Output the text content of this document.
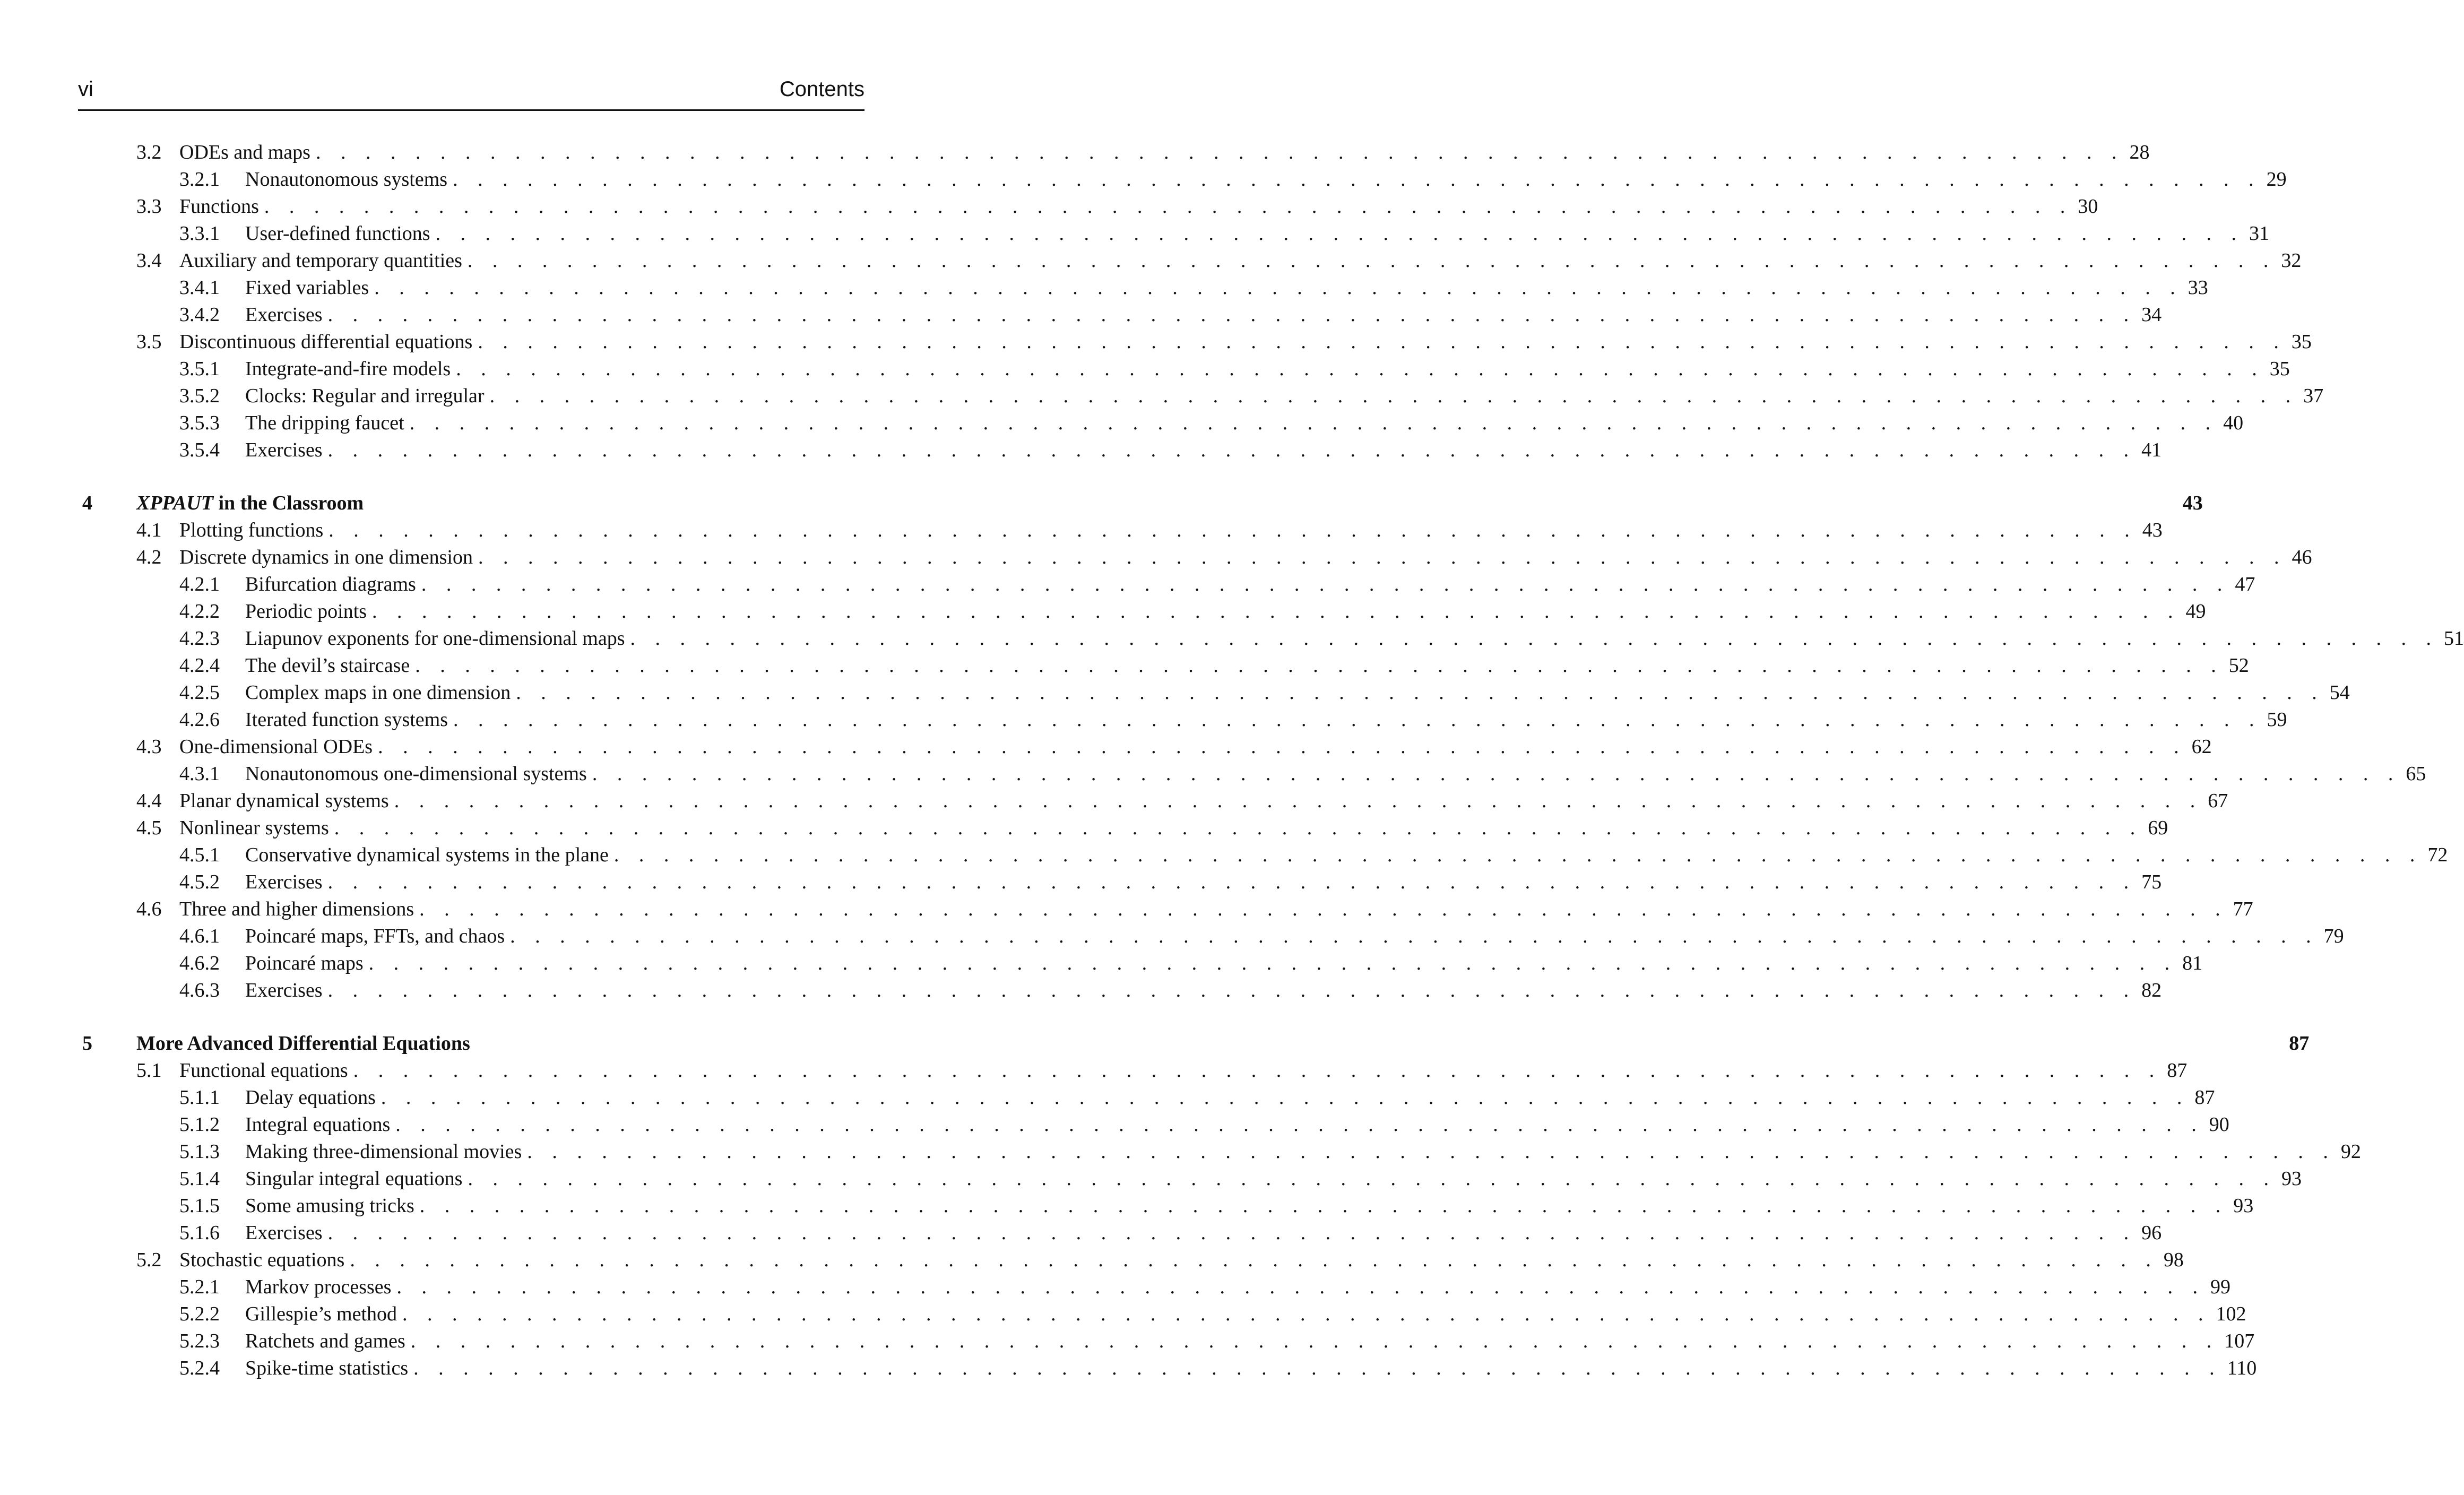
vi	Contents
3.2 ODEs and maps . . . . . . . . . . . . . . . . . . . . . . . . . . . . . . . . . . . . . . . . . . . . . . . . . . . . . . . . . . . . . . . . . . . . . . . . . 28
3.2.1 Nonautonomous systems . . . . . . . . . . . . . . . . . . . . . . . . . . . . . . . . . . . . . . . . . . . . . . . . . . . . . . . . . . . . . . . . . . . . . . . . . 29
3.3 Functions . . . . . . . . . . . . . . . . . . . . . . . . . . . . . . . . . . . . . . . . . . . . . . . . . . . . . . . . . . . . . . . . . . . . . . . . . 30
3.3.1 User-defined functions . . . . . . . . . . . . . . . . . . . . . . . . . . . . . . . . . . . . . . . . . . . . . . . . . . . . . . . . . . . . . . . . . . . . . . . . . 31
3.4 Auxiliary and temporary quantities . . . . . . . . . . . . . . . . . . . . . . . . . . . . . . . . . . . . . . . . . . . . . . . . . . . . . . . . . . . . . . . . . . . . . . . . . 32
3.4.1 Fixed variables . . . . . . . . . . . . . . . . . . . . . . . . . . . . . . . . . . . . . . . . . . . . . . . . . . . . . . . . . . . . . . . . . . . . . . . . . 33
3.4.2 Exercises . . . . . . . . . . . . . . . . . . . . . . . . . . . . . . . . . . . . . . . . . . . . . . . . . . . . . . . . . . . . . . . . . . . . . . . . . 34
3.5 Discontinuous differential equations . . . . . . . . . . . . . . . . . . . . . . . . . . . . . . . . . . . . . . . . . . . . . . . . . . . . . . . . . . . . . . . . . . . . . . . . . 35
3.5.1 Integrate-and-fire models . . . . . . . . . . . . . . . . . . . . . . . . . . . . . . . . . . . . . . . . . . . . . . . . . . . . . . . . . . . . . . . . . . . . . . . . . 35
3.5.2 Clocks: Regular and irregular . . . . . . . . . . . . . . . . . . . . . . . . . . . . . . . . . . . . . . . . . . . . . . . . . . . . . . . . . . . . . . . . . . . . . . . . . 37
3.5.3 The dripping faucet . . . . . . . . . . . . . . . . . . . . . . . . . . . . . . . . . . . . . . . . . . . . . . . . . . . . . . . . . . . . . . . . . . . . . . . . . 40
3.5.4 Exercises . . . . . . . . . . . . . . . . . . . . . . . . . . . . . . . . . . . . . . . . . . . . . . . . . . . . . . . . . . . . . . . . . . . . . . . . . 41
4 XPPAUT in the Classroom	43
4.1 Plotting functions . . . . . . . . . . . . . . . . . . . . . . . . . . . . . . . . . . . . . . . . . . . . . . . . . . . . . . . . . . . . . . . . . . . . . . . . . 43
4.2 Discrete dynamics in one dimension . . . . . . . . . . . . . . . . . . . . . . . . . . . . . . . . . . . . . . . . . . . . . . . . . . . . . . . . . . . . . . . . . . . . . . . . . 46
4.2.1 Bifurcation diagrams . . . . . . . . . . . . . . . . . . . . . . . . . . . . . . . . . . . . . . . . . . . . . . . . . . . . . . . . . . . . . . . . . . . . . . . . . 47
4.2.2 Periodic points . . . . . . . . . . . . . . . . . . . . . . . . . . . . . . . . . . . . . . . . . . . . . . . . . . . . . . . . . . . . . . . . . . . . . . . . . 49
4.2.3 Liapunov exponents for one-dimensional maps . . . . . . . . . . . . . . . . . . . . . . . . . . . . . . . . . . . . . . . . . . . . . . . . . . . . . . . . . . . . . . . . . . . . . . . . . 51
4.2.4 The devil’s staircase . . . . . . . . . . . . . . . . . . . . . . . . . . . . . . . . . . . . . . . . . . . . . . . . . . . . . . . . . . . . . . . . . . . . . . . . . 52
4.2.5 Complex maps in one dimension . . . . . . . . . . . . . . . . . . . . . . . . . . . . . . . . . . . . . . . . . . . . . . . . . . . . . . . . . . . . . . . . . . . . . . . . . 54
4.2.6 Iterated function systems . . . . . . . . . . . . . . . . . . . . . . . . . . . . . . . . . . . . . . . . . . . . . . . . . . . . . . . . . . . . . . . . . . . . . . . . . 59
4.3 One-dimensional ODEs . . . . . . . . . . . . . . . . . . . . . . . . . . . . . . . . . . . . . . . . . . . . . . . . . . . . . . . . . . . . . . . . . . . . . . . . . 62
4.3.1 Nonautonomous one-dimensional systems . . . . . . . . . . . . . . . . . . . . . . . . . . . . . . . . . . . . . . . . . . . . . . . . . . . . . . . . . . . . . . . . . . . . . . . . . 65
4.4 Planar dynamical systems . . . . . . . . . . . . . . . . . . . . . . . . . . . . . . . . . . . . . . . . . . . . . . . . . . . . . . . . . . . . . . . . . . . . . . . . . 67
4.5 Nonlinear systems . . . . . . . . . . . . . . . . . . . . . . . . . . . . . . . . . . . . . . . . . . . . . . . . . . . . . . . . . . . . . . . . . . . . . . . . . 69
4.5.1 Conservative dynamical systems in the plane . . . . . . . . . . . . . . . . . . . . . . . . . . . . . . . . . . . . . . . . . . . . . . . . . . . . . . . . . . . . . . . . . . . . . . . . . 72
4.5.2 Exercises . . . . . . . . . . . . . . . . . . . . . . . . . . . . . . . . . . . . . . . . . . . . . . . . . . . . . . . . . . . . . . . . . . . . . . . . . 75
4.6 Three and higher dimensions . . . . . . . . . . . . . . . . . . . . . . . . . . . . . . . . . . . . . . . . . . . . . . . . . . . . . . . . . . . . . . . . . . . . . . . . . 77
4.6.1 Poincaré maps, FFTs, and chaos . . . . . . . . . . . . . . . . . . . . . . . . . . . . . . . . . . . . . . . . . . . . . . . . . . . . . . . . . . . . . . . . . . . . . . . . . 79
4.6.2 Poincaré maps . . . . . . . . . . . . . . . . . . . . . . . . . . . . . . . . . . . . . . . . . . . . . . . . . . . . . . . . . . . . . . . . . . . . . . . . . 81
4.6.3 Exercises . . . . . . . . . . . . . . . . . . . . . . . . . . . . . . . . . . . . . . . . . . . . . . . . . . . . . . . . . . . . . . . . . . . . . . . . . 82
5 More Advanced Differential Equations	87
5.1 Functional equations . . . . . . . . . . . . . . . . . . . . . . . . . . . . . . . . . . . . . . . . . . . . . . . . . . . . . . . . . . . . . . . . . . . . . . . . . 87
5.1.1 Delay equations . . . . . . . . . . . . . . . . . . . . . . . . . . . . . . . . . . . . . . . . . . . . . . . . . . . . . . . . . . . . . . . . . . . . . . . . . 87
5.1.2 Integral equations . . . . . . . . . . . . . . . . . . . . . . . . . . . . . . . . . . . . . . . . . . . . . . . . . . . . . . . . . . . . . . . . . . . . . . . . . 90
5.1.3 Making three-dimensional movies . . . . . . . . . . . . . . . . . . . . . . . . . . . . . . . . . . . . . . . . . . . . . . . . . . . . . . . . . . . . . . . . . . . . . . . . . 92
5.1.4 Singular integral equations . . . . . . . . . . . . . . . . . . . . . . . . . . . . . . . . . . . . . . . . . . . . . . . . . . . . . . . . . . . . . . . . . . . . . . . . . 93
5.1.5 Some amusing tricks . . . . . . . . . . . . . . . . . . . . . . . . . . . . . . . . . . . . . . . . . . . . . . . . . . . . . . . . . . . . . . . . . . . . . . . . . 93
5.1.6 Exercises . . . . . . . . . . . . . . . . . . . . . . . . . . . . . . . . . . . . . . . . . . . . . . . . . . . . . . . . . . . . . . . . . . . . . . . . . 96
5.2 Stochastic equations . . . . . . . . . . . . . . . . . . . . . . . . . . . . . . . . . . . . . . . . . . . . . . . . . . . . . . . . . . . . . . . . . . . . . . . . . 98
5.2.1 Markov processes . . . . . . . . . . . . . . . . . . . . . . . . . . . . . . . . . . . . . . . . . . . . . . . . . . . . . . . . . . . . . . . . . . . . . . . . . 99
5.2.2 Gillespie’s method . . . . . . . . . . . . . . . . . . . . . . . . . . . . . . . . . . . . . . . . . . . . . . . . . . . . . . . . . . . . . . . . . . . . . . . . . 102
5.2.3 Ratchets and games . . . . . . . . . . . . . . . . . . . . . . . . . . . . . . . . . . . . . . . . . . . . . . . . . . . . . . . . . . . . . . . . . . . . . . . . . 107
5.2.4 Spike-time statistics . . . . . . . . . . . . . . . . . . . . . . . . . . . . . . . . . . . . . . . . . . . . . . . . . . . . . . . . . . . . . . . . . . . . . . . . . 110
